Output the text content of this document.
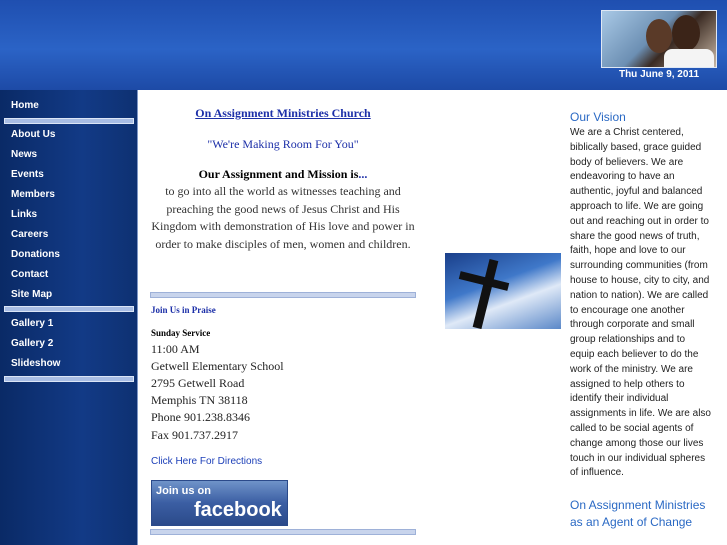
Thu June 9, 2011
Home
About Us
News
Events
Members
Links
Careers
Donations
Contact
Site Map
Gallery 1
Gallery 2
Slideshow
On Assignment Ministries Church
"We're Making Room For You"
Our Assignment and Mission is...
to go into all the world as witnesses teaching and preaching the good news of Jesus Christ and His Kingdom with demonstration of His love and power in order to make disciples of men, women and children.
Join Us in Praise
Sunday Service
11:00 AM
Getwell Elementary School
2795 Getwell Road
Memphis TN 38118
Phone 901.238.8346
Fax 901.737.2917
Click Here For Directions
Join us on
facebook
Our Vision
We are a Christ centered, biblically based, grace guided body of believers. We are endeavoring to have an authentic, joyful and balanced approach to life. We are going out and reaching out in order to share the good news of truth, faith, hope and love to our surrounding communities (from house to house, city to city, and nation to nation). We are called to encourage one another through corporate and small group relationships and to equip each believer to do the work of the ministry. We are assigned to help others to identify their individual assignments in life. We are also called to be social agents of change among those our lives touch in our individual spheres of influence.
On Assignment Ministries as an Agent of Change
